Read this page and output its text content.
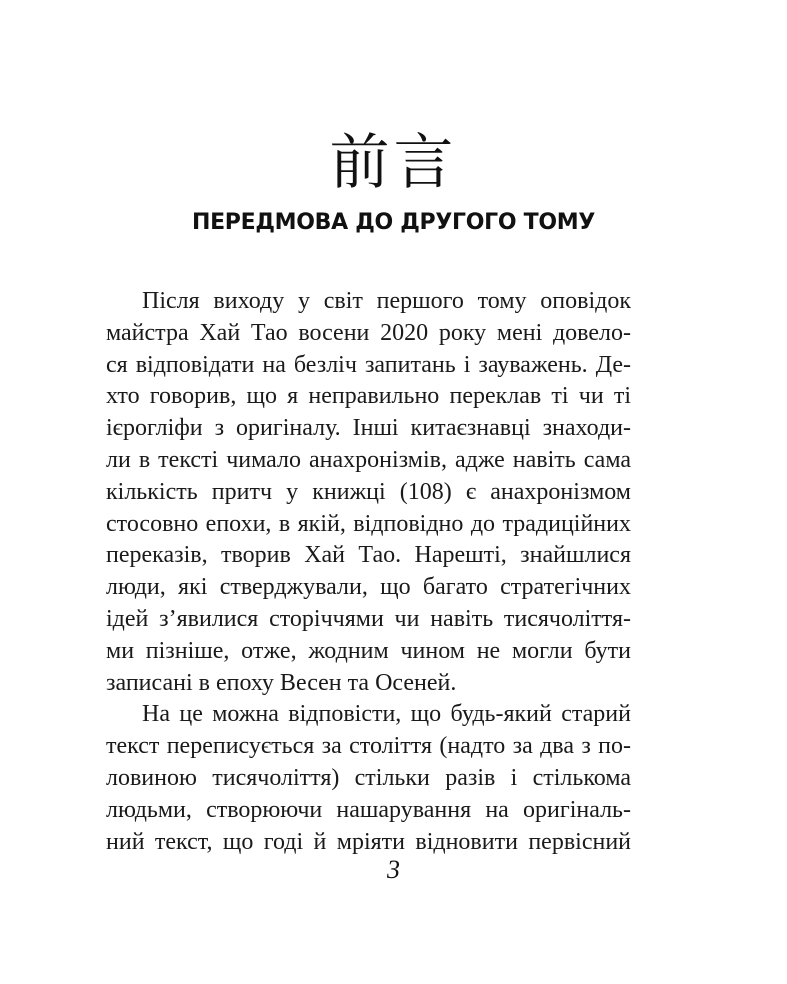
前言
ПЕРЕДМОВА ДО ДРУГОГО ТОМУ
Після виходу у світ першого тому оповідок
майстра Хай Тао восени 2020 року мені довело-
ся відповідати на безліч запитань і зауважень. Де-
хто говорив, що я неправильно переклав ті чи ті
ієрогліфи з оригіналу. Інші китаєзнавці знаходи-
ли в тексті чимало анахронізмів, адже навіть сама
кількість притч у книжці (108) є анахронізмом
стосовно епохи, в якій, відповідно до традиційних
переказів, творив Хай Тао. Нарешті, знайшлися
люди, які стверджували, що багато стратегічних
ідей з’явилися сторіччями чи навіть тисячоліття-
ми пізніше, отже, жодним чином не могли бути
записані в епоху Весен та Осеней.
На це можна відповісти, що будь-який старий
текст переписується за століття (надто за два з по-
ловиною тисячоліття) стільки разів і стількома
людьми, створюючи нашарування на оригіналь-
ний текст, що годі й мріяти відновити первісний
3
